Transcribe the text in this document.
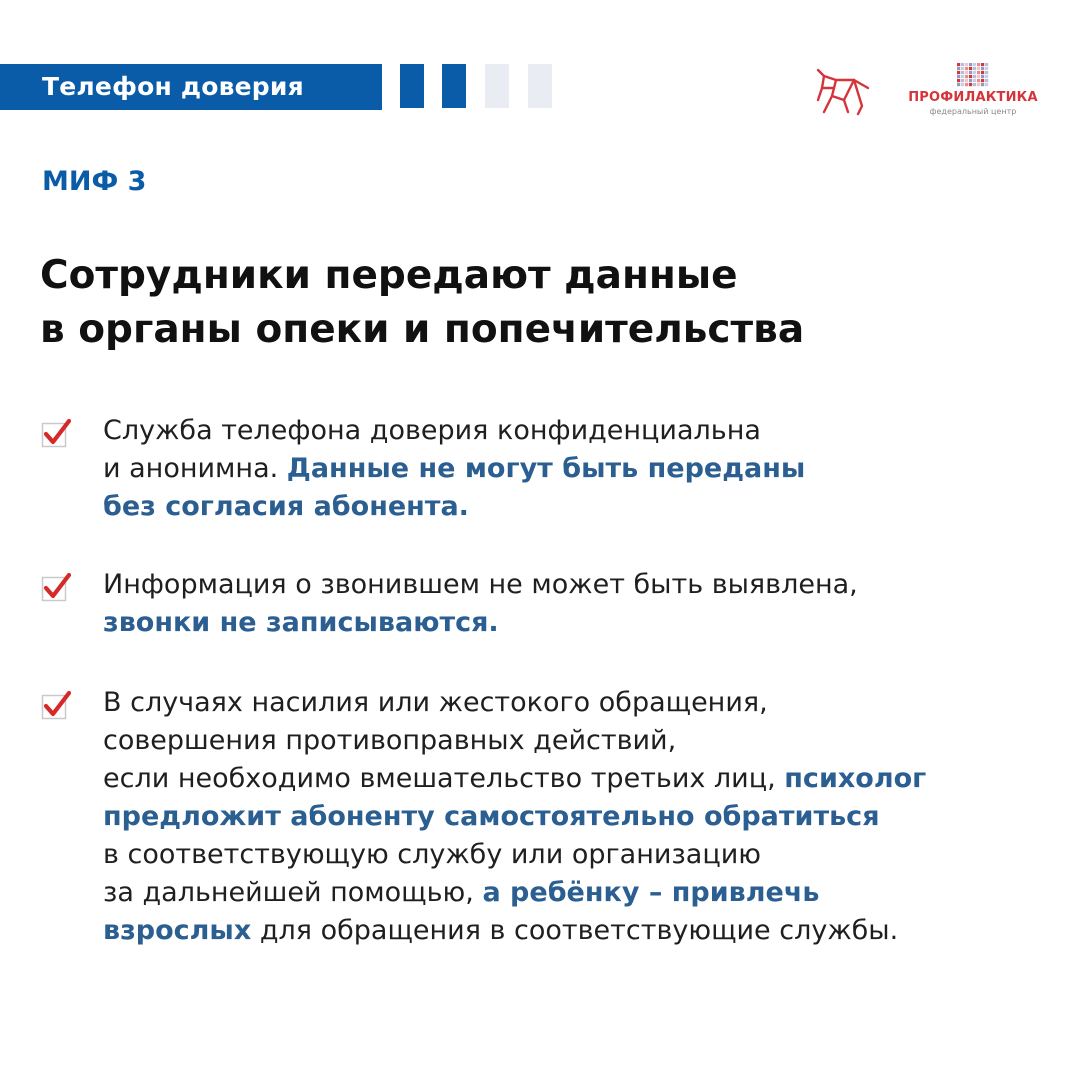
Телефон доверия	ПРОФИЛАКТИКА
федеральный центр
МИФ 3
Сотрудники передают данные
в органы опеки и попечительства
Служба телефона доверия конфиденциальна
и анонимна. Данные не могут быть переданы
без согласия абонента.
Информация о звонившем не может быть выявлена,
звонки не записываются.
В случаях насилия или жестокого обращения,
совершения противоправных действий,
если необходимо вмешательство третьих лиц, психолог
предложит абоненту самостоятельно обратиться
в соответствующую службу или организацию
за дальнейшей помощью, а ребёнку – привлечь
взрослых для обращения в соответствующие службы.
